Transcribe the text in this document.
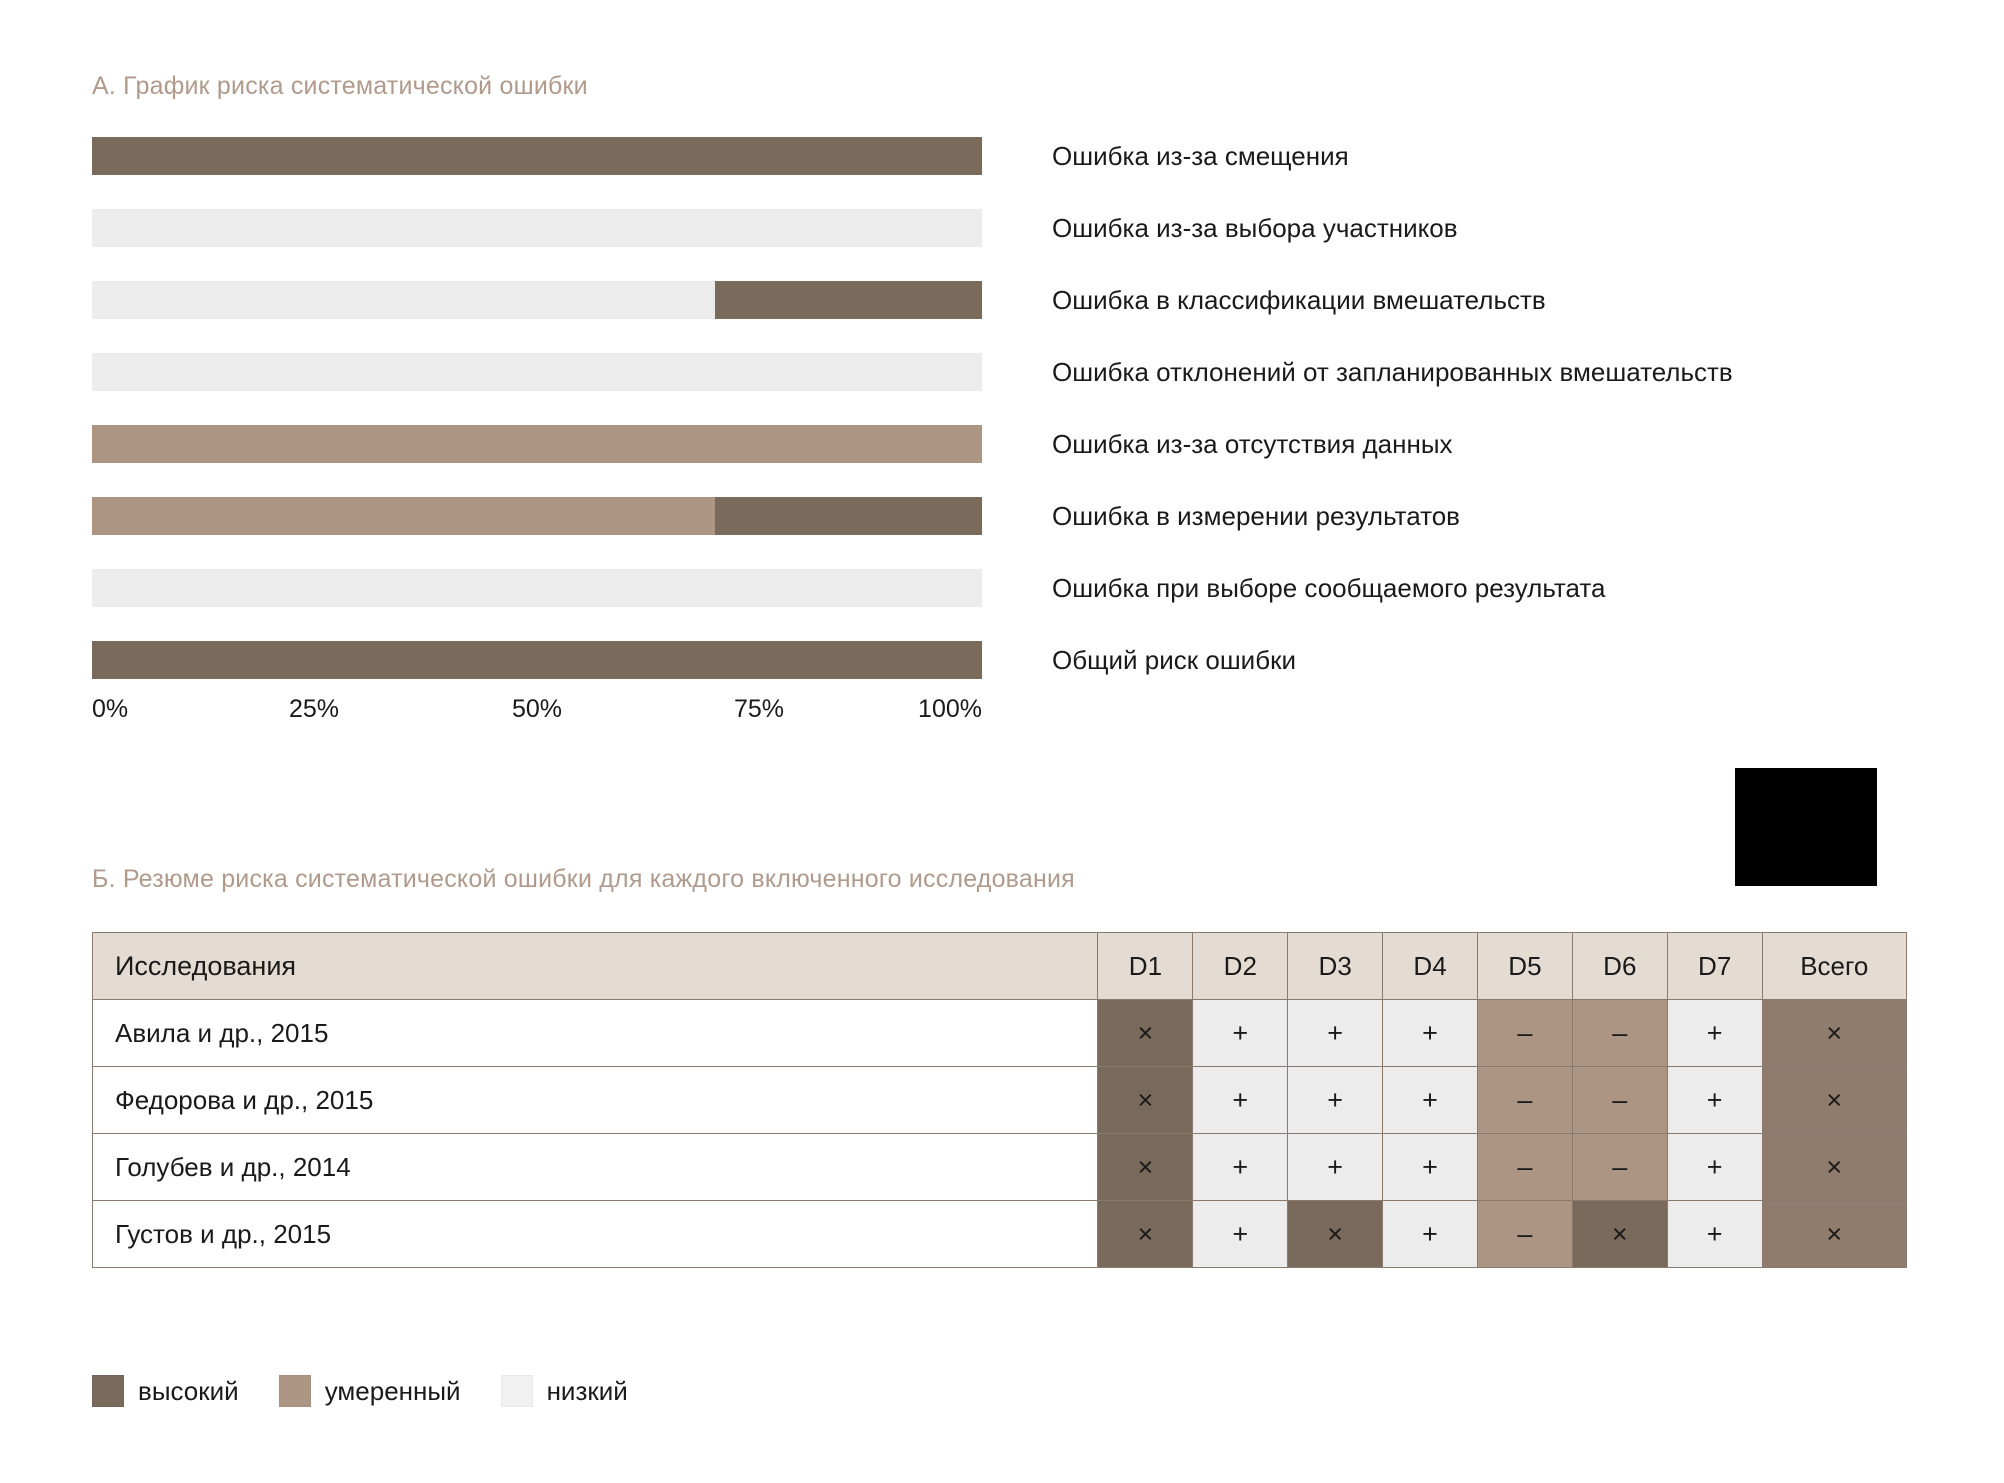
А. График риска систематической ошибки
Ошибка из-за смещения
Ошибка из-за выбора участников
Ошибка в классификации вмешательств
Ошибка отклонений от запланированных вмешательств
Ошибка из-за отсутствия данных
Ошибка в измерении результатов
Ошибка при выборе сообщаемого результата
Общий риск ошибки
0%	25%	50%	75%	100%
Б. Резюме риска систематической ошибки для каждого включенного исследования
Исследования	D1	D2	D3	D4	D5	D6	D7	Всего
Авила и др., 2015	×	+	+	+	–	–	+	×

Федорова и др., 2015	×	+	+	+	–	–	+	×

Голубев и др., 2014	×	+	+	+	–	–	+	×

Густов и др., 2015	×	+	×	+	–	×	+	×
высокий	умеренный	низкий
